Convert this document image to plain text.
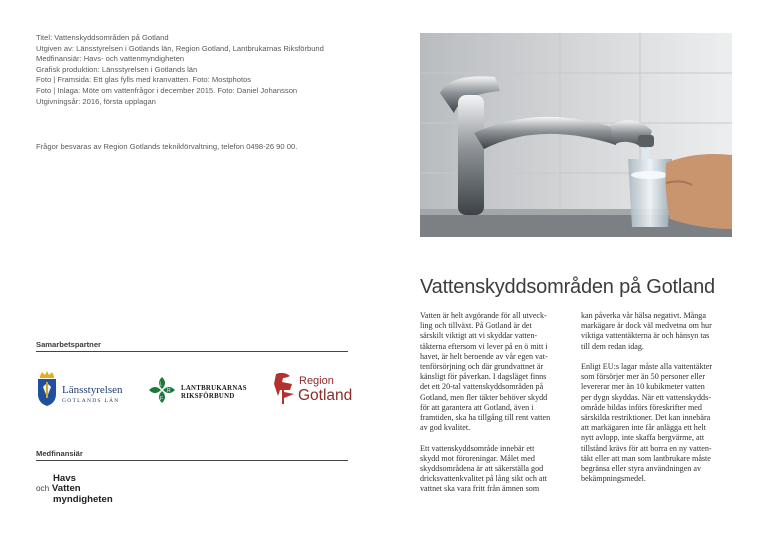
Titel: Vattenskyddsområden på Gotland
Utgiven av: Länsstyrelsen i Gotlands län, Region Gotland, Lantbrukarnas Riksförbund
Medfinansiär: Havs- och vattenmyndigheten
Grafisk produktion: Länsstyrelsen i Gotlands län
Foto | Framsida: Ett glas fylls med kranvatten. Foto: Mostphotos
Foto | Inlaga: Möte om vattenfrågor i december 2015. Foto: Daniel Johansson
Utgivningsår: 2016, första upplagan
Frågor besvaras av Region Gotlands teknikförvaltning, telefon 0498-26 90 00.
Samarbetspartner
Länsstyrelsen
GOTLANDS LÄN
L
R
F
LANTBRUKARNAS
RIKSFÖRBUND
Region
Gotland
Medfinansiär
Havs
och Vatten
myndigheten
Vattenskyddsområden på Gotland

Vatten är helt avgörande för all utveck-
ling och tillväxt. På Gotland är det
särskilt viktigt att vi skyddar vatten-
täkterna eftersom vi lever på en ö mitt i
havet, är helt beroende av vår egen vat-
tenförsörjning och där grundvattnet är
känsligt för påverkan. I dagsläget finns
det ett 20-tal vattenskyddsområden på
Gotland, men fler täkter behöver skydd
för att garantera att Gotland, även i
framtiden, ska ha tillgång till rent vatten
av god kvalitet.

Ett vattenskyddsområde innebär ett
skydd mot föroreningar. Målet med
skyddsområdena är att säkerställa god
dricksvattenkvalitet på lång sikt och att
vattnet ska vara fritt från ämnen som

kan påverka vår hälsa negativt. Många
markägare är dock väl medvetna om hur
viktiga vattentäkterna är och hänsyn tas
till dem redan idag.

Enligt EU:s lagar måste alla vattentäkter
som försörjer mer än 50 personer eller
levererar mer än 10 kubikmeter vatten
per dygn skyddas. När ett vattenskydds-
område bildas införs föreskrifter med
särskilda restriktioner. Det kan innebära
att markägaren inte får anlägga ett helt
nytt avlopp, inte skaffa bergvärme, att
tillstånd krävs för att borra en ny vatten-
täkt eller att man som lantbrukare måste
begränsa eller styra användningen av
bekämpningsmedel.
